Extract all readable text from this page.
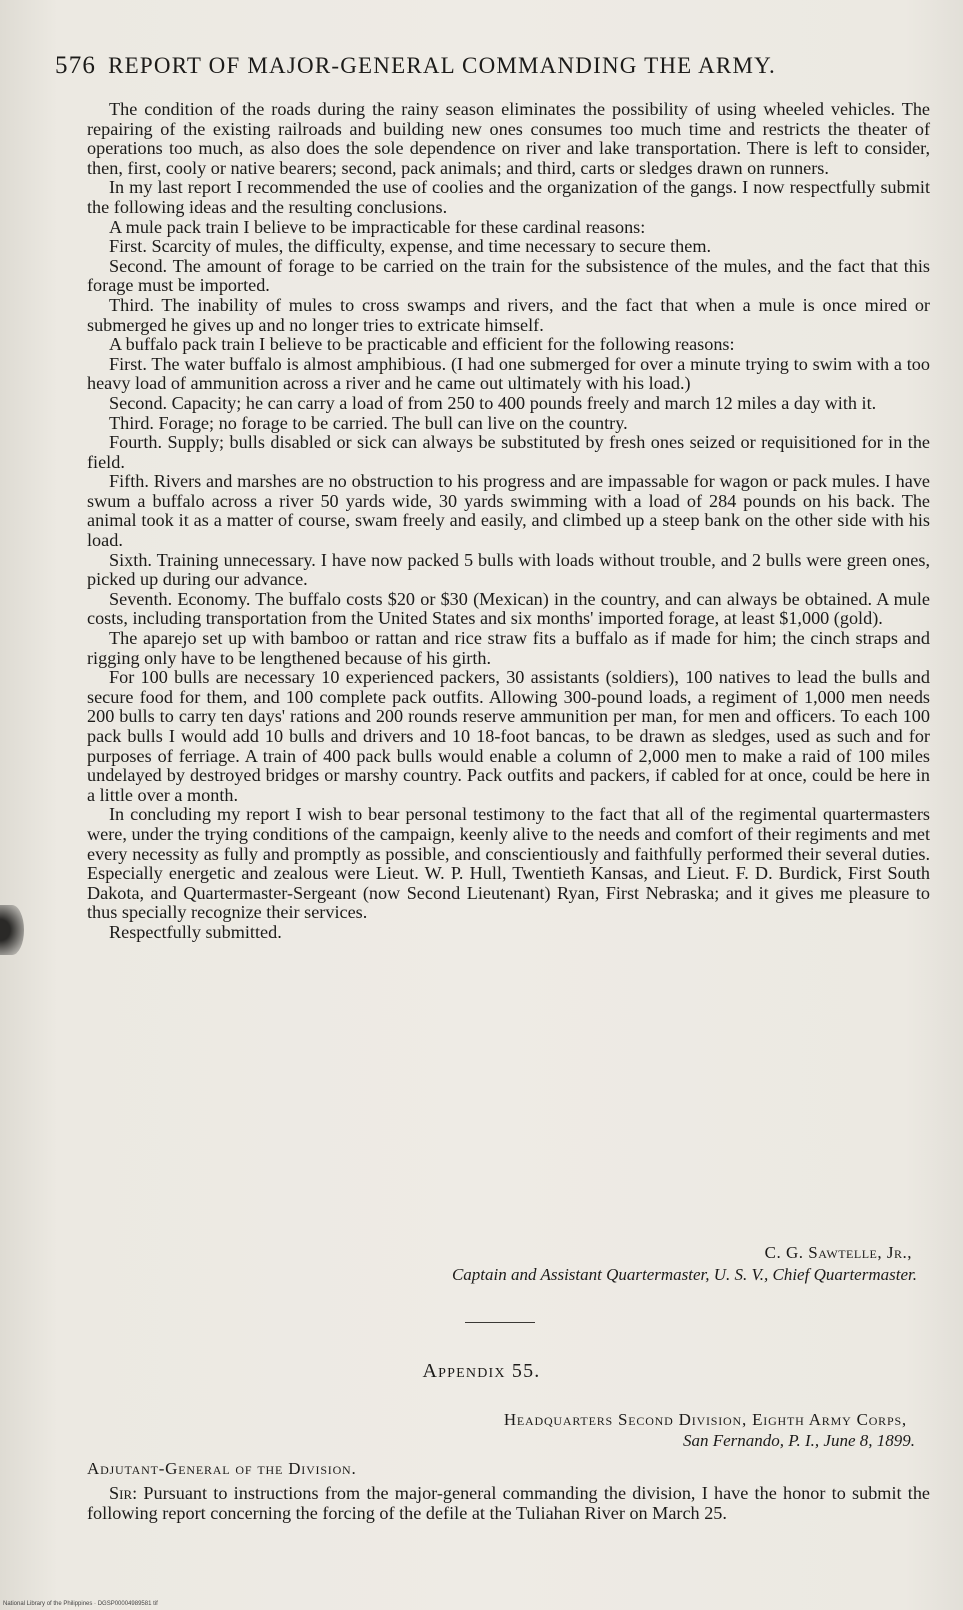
576 REPORT OF MAJOR-GENERAL COMMANDING THE ARMY.

The condition of the roads during the rainy season eliminates the possibility of using wheeled vehicles. The repairing of the existing railroads and building new ones consumes too much time and restricts the theater of operations too much, as also does the sole dependence on river and lake transportation. There is left to consider, then, first, cooly or native bearers; second, pack animals; and third, carts or sledges drawn on runners.

In my last report I recommended the use of coolies and the organization of the gangs. I now respectfully submit the following ideas and the resulting conclusions.

A mule pack train I believe to be impracticable for these cardinal reasons:

First. Scarcity of mules, the difficulty, expense, and time necessary to secure them.

Second. The amount of forage to be carried on the train for the subsistence of the mules, and the fact that this forage must be imported.

Third. The inability of mules to cross swamps and rivers, and the fact that when a mule is once mired or submerged he gives up and no longer tries to extricate himself.

A buffalo pack train I believe to be practicable and efficient for the following reasons:

First. The water buffalo is almost amphibious. (I had one submerged for over a minute trying to swim with a too heavy load of ammunition across a river and he came out ultimately with his load.)

Second. Capacity; he can carry a load of from 250 to 400 pounds freely and march 12 miles a day with it.

Third. Forage; no forage to be carried. The bull can live on the country.

Fourth. Supply; bulls disabled or sick can always be substituted by fresh ones seized or requisitioned for in the field.

Fifth. Rivers and marshes are no obstruction to his progress and are impassable for wagon or pack mules. I have swum a buffalo across a river 50 yards wide, 30 yards swimming with a load of 284 pounds on his back. The animal took it as a matter of course, swam freely and easily, and climbed up a steep bank on the other side with his load.

Sixth. Training unnecessary. I have now packed 5 bulls with loads without trouble, and 2 bulls were green ones, picked up during our advance.

Seventh. Economy. The buffalo costs $20 or $30 (Mexican) in the country, and can always be obtained. A mule costs, including transportation from the United States and six months' imported forage, at least $1,000 (gold).

The aparejo set up with bamboo or rattan and rice straw fits a buffalo as if made for him; the cinch straps and rigging only have to be lengthened because of his girth.

For 100 bulls are necessary 10 experienced packers, 30 assistants (soldiers), 100 natives to lead the bulls and secure food for them, and 100 complete pack outfits. Allowing 300-pound loads, a regiment of 1,000 men needs 200 bulls to carry ten days' rations and 200 rounds reserve ammunition per man, for men and officers. To each 100 pack bulls I would add 10 bulls and drivers and 10 18-foot bancas, to be drawn as sledges, used as such and for purposes of ferriage. A train of 400 pack bulls would enable a column of 2,000 men to make a raid of 100 miles undelayed by destroyed bridges or marshy country. Pack outfits and packers, if cabled for at once, could be here in a little over a month.

In concluding my report I wish to bear personal testimony to the fact that all of the regimental quartermasters were, under the trying conditions of the campaign, keenly alive to the needs and comfort of their regiments and met every necessity as fully and promptly as possible, and conscientiously and faithfully performed their several duties. Especially energetic and zealous were Lieut. W. P. Hull, Twentieth Kansas, and Lieut. F. D. Burdick, First South Dakota, and Quartermaster-Sergeant (now Second Lieutenant) Ryan, First Nebraska; and it gives me pleasure to thus specially recognize their services.

Respectfully submitted.

C. G. Sawtelle, Jr.,
Captain and Assistant Quartermaster, U. S. V., Chief Quartermaster.
Appendix 55.
Headquarters Second Division, Eighth Army Corps,
San Fernando, P. I., June 8, 1899.
Adjutant-General of the Division.

Sir: Pursuant to instructions from the major-general commanding the division, I have the honor to submit the following report concerning the forcing of the defile at the Tuliahan River on March 25.

National Library of the Philippines · DGSP00004989581 tif
